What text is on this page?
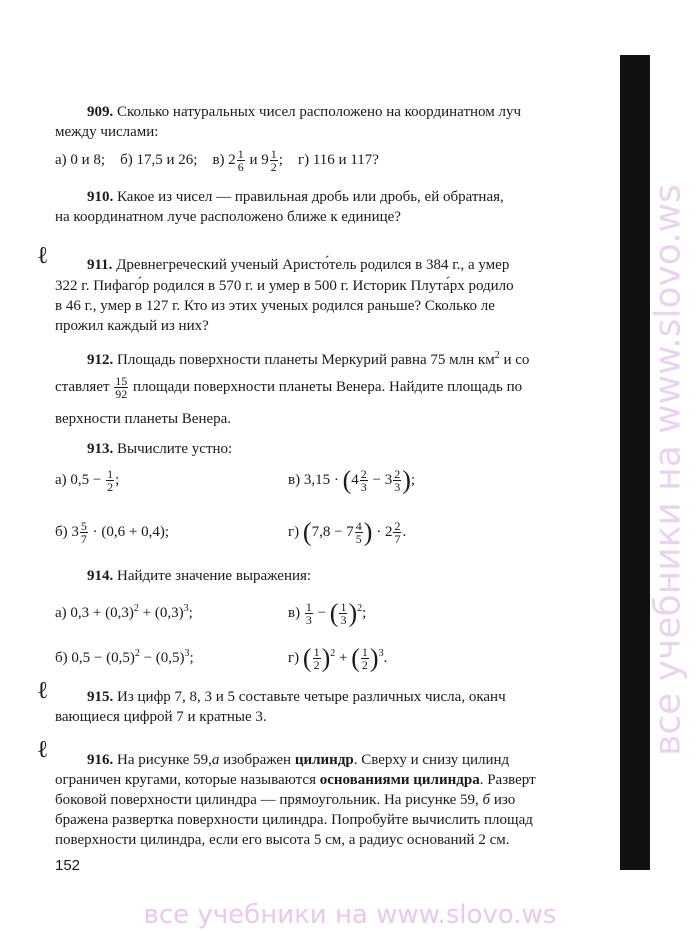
909. Сколько натуральных чисел расположено на координатном луч
между числами:
а) 0 и 8; б) 17,5 и 26; в) $2 \frac{1}{6}$ и $9 \frac{1}{2}$ ; г) 116 и 117?
910. Какое из чисел — правильная дробь или дробь, ей обратная,
на координатном луче расположено ближе к единице?
ℓ	911. Древнегреческий ученый Аристо́тель родился в 384 г., а умер
322 г. Пифаго́р родился в 570 г. и умер в 500 г. Историк Плута́рх родило
в 46 г., умер в 127 г. Кто из этих ученых родился раньше? Сколько ле
прожил каждый из них?
912. Площадь поверхности планеты Меркурий равна 75 млн $км^2$ и со
ставляет $\frac{15}{92}$ площади поверхности планеты Венера. Найдите площадь по
верхности планеты Венера.
913. Вычислите устно:
а) $0,5 - \frac{1}{2}$ ;	в) $3,15 \cdot (4 \frac{2}{3} - 3 \frac{2}{3}$ );
б) $3 \frac{5}{7} \cdot (0,6 + 0,4)$;	г) ($7,8 - 7 \frac{4}{5}$ ) · $2 \frac{2}{7}$ .
914. Найдите значение выражения:
а) $0,3 + (0,3)^2 + (0,3)^3$;	$в) \frac{1}{3}$ − ( $\frac{1}{3} )^2$;
б) $0,5 - (0,5)^2 - (0,5)^3$;	г) ( $\frac{1}{2} )^2$ + ( $\frac{1}{2} )^3$.
ℓ	915. Из цифр 7, 8, 3 и 5 составьте четыре различных числа, оканч
вающиеся цифрой 7 и кратные 3.
ℓ	916. На рисунке 59,а изображен цилиндр. Сверху и снизу цилинд
ограничен кругами, которые называются основаниями цилиндра. Разверт
боковой поверхности цилиндра — прямоугольник. На рисунке 59, б изо
бражена развертка поверхности цилиндра. Попробуйте вычислить площад
поверхности цилиндра, если его высота 5 см, а радиус оснований 2 см.
152
все учебники на www.slovo.ws
все учебники на www.slovo.ws
